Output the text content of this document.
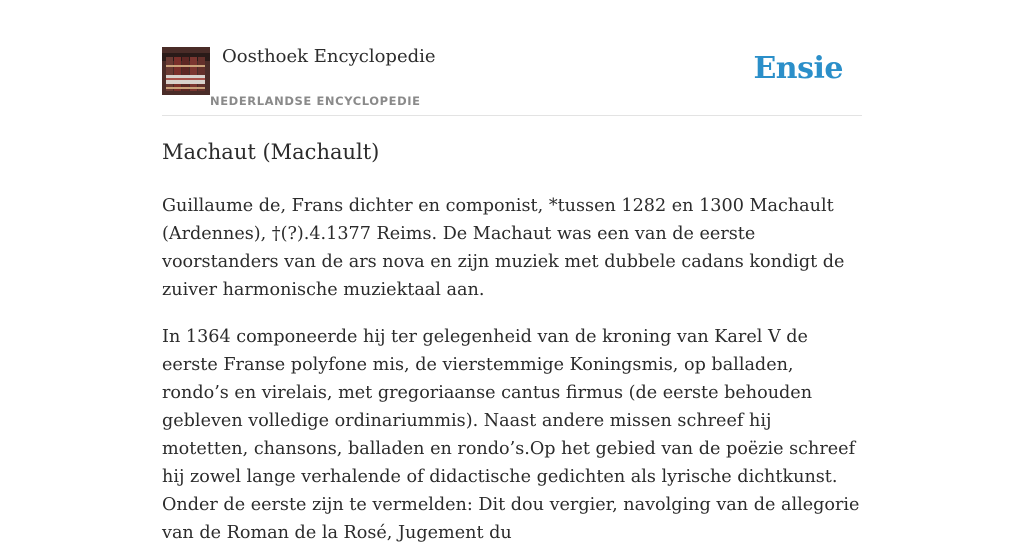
Oosthoek Encyclopedie
NEDERLANDSE ENCYCLOPEDIE
Ensie
Machaut (Machault)

Guillaume de, Frans dichter en componist, *tussen 1282 en 1300 Machault (Ardennes), †(?).4.1377 Reims. De Machaut was een van de eerste voorstanders van de ars nova en zijn muziek met dubbele cadans kondigt de zuiver harmonische muziektaal aan.

In 1364 componeerde hij ter gelegenheid van de kroning van Karel V de eerste Franse polyfone mis, de vierstemmige Koningsmis, op balladen, rondo’s en virelais, met gregoriaanse cantus firmus (de eerste behouden gebleven volledige ordinariummis). Naast andere missen schreef hij motetten, chansons, balladen en rondo’s.Op het gebied van de poëzie schreef hij zowel lange verhalende of didactische gedichten als lyrische dichtkunst. Onder de eerste zijn te vermelden: Dit dou vergier, navolging van de allegorie van de Roman de la Rosé, Jugement du
